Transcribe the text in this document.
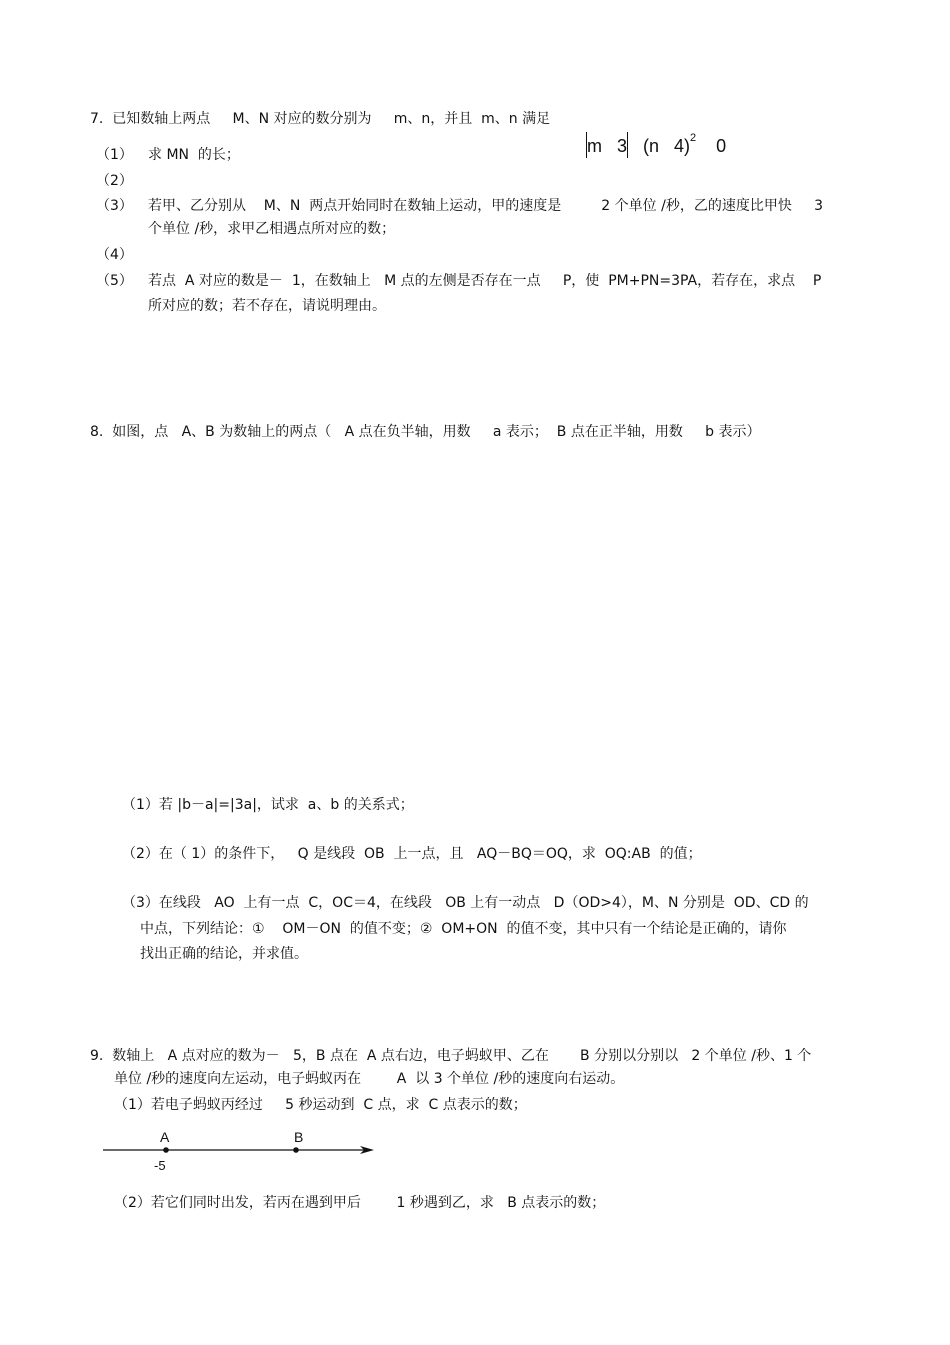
7.  已知数轴上两点     M、N 对应的数分别为     m、n，并且  m、n 满足

m   3   (n   4)$^2$    0

（1） 求 MN  的长；
（2）
（3） 若甲、乙分别从    M、N  两点开始同时在数轴上运动，甲的速度是         2 个单位 /秒，乙的速度比甲快     3
个单位 /秒，求甲乙相遇点所对应的数；
（4）
（5） 若点  A 对应的数是－  1，在数轴上   M 点的左侧是否存在一点     P，使  PM+PN=3PA，若存在，求点    P
所对应的数；若不存在，请说明理由。
8.  如图，点   A、B 为数轴上的两点（   A 点在负半轴，用数     a 表示；  B 点在正半轴，用数     b 表示）
（1）若 |b－a|=|3a|，试求  a、b 的关系式；
（2）在（ 1）的条件下，   Q 是线段  OB  上一点，且   AQ－BQ＝OQ，求  OQ:AB  的值；
（3）在线段   AO  上有一点  C，OC＝4，在线段   OB 上有一动点   D（OD>4），M、N 分别是  OD、CD 的
中点，下列结论：①    OM－ON  的值不变；②  OM+ON  的值不变，其中只有一个结论是正确的，请你
找出正确的结论，并求值。
9.  数轴上   A 点对应的数为－   5，B 点在  A 点右边，电子蚂蚁甲、乙在       B 分别以分别以   2 个单位 /秒、1 个
单位 /秒的速度向左运动，电子蚂蚁丙在        A  以 3 个单位 /秒的速度向右运动。
（1）若电子蚂蚁丙经过     5 秒运动到  C 点，求  C 点表示的数；
A	B
-5
（2）若它们同时出发，若丙在遇到甲后        1 秒遇到乙，求   B 点表示的数；
